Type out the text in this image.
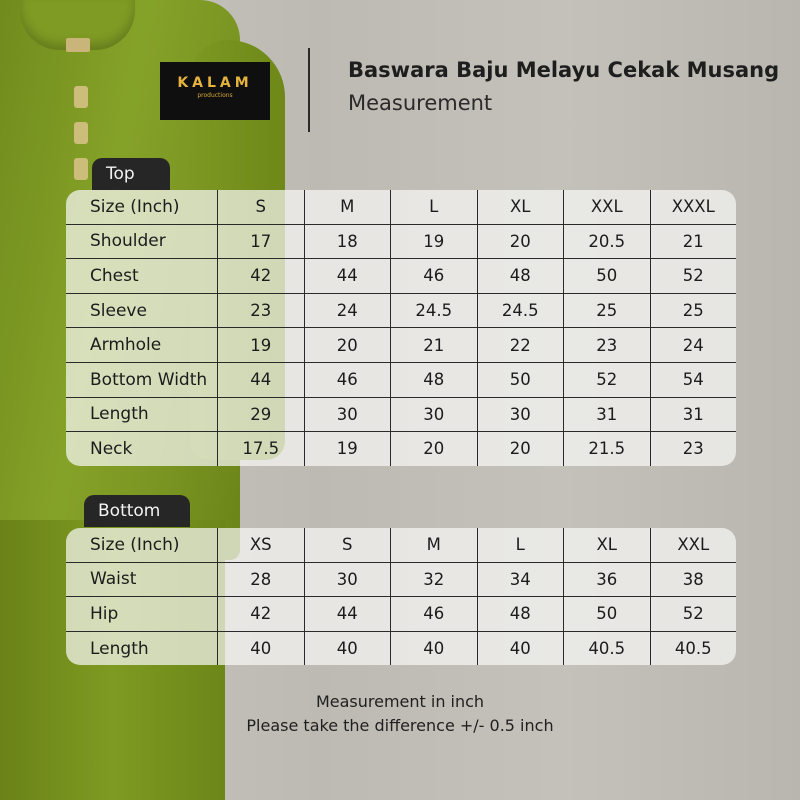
KALAM
productions
Baswara Baju Melayu Cekak Musang
Measurement
Top
Size (Inch)	S	M	L	XL	XXL	XXXL
Shoulder	17	18	19	20	20.5	21
Chest	42	44	46	48	50	52
Sleeve	23	24	24.5	24.5	25	25
Armhole	19	20	21	22	23	24
Bottom Width	44	46	48	50	52	54
Length	29	30	30	30	31	31
Neck	17.5	19	20	20	21.5	23
Bottom
Size (Inch)	XS	S	M	L	XL	XXL
Waist	28	30	32	34	36	38
Hip	42	44	46	48	50	52
Length	40	40	40	40	40.5	40.5
Measurement in inch
Please take the difference +/- 0.5 inch
